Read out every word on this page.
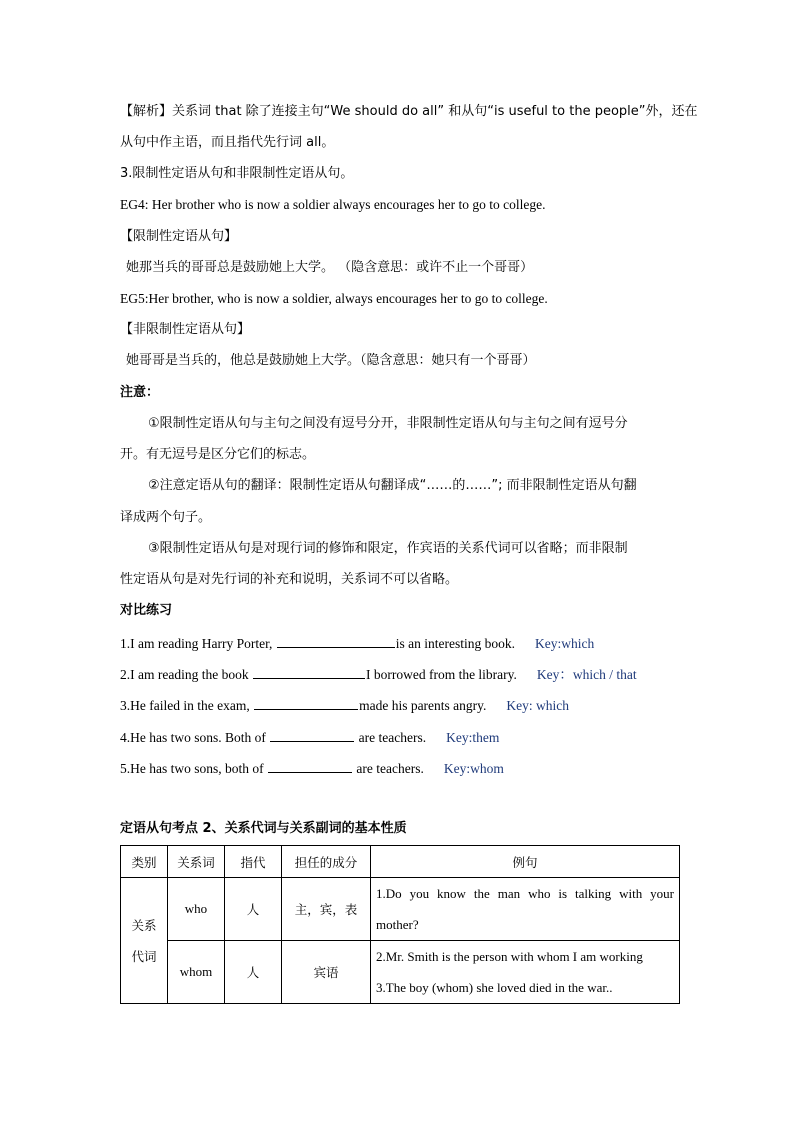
【解析】关系词 that 除了连接主句“We should do all” 和从句“is useful to the people”外，还在
从句中作主语，而且指代先行词 all。
3.限制性定语从句和非限制性定语从句。
EG4: Her brother who is now a soldier always encourages her to go to college.
【限制性定语从句】
她那当兵的哥哥总是鼓励她上大学。 （隐含意思：或许不止一个哥哥）
EG5:Her brother, who is now a soldier, always encourages her to go to college.
【非限制性定语从句】
她哥哥是当兵的，他总是鼓励她上大学。（隐含意思：她只有一个哥哥）
注意：
①限制性定语从句与主句之间没有逗号分开，非限制性定语从句与主句之间有逗号分
开。有无逗号是区分它们的标志。
②注意定语从句的翻译：限制性定语从句翻译成“……的……”; 而非限制性定语从句翻
译成两个句子。
③限制性定语从句是对现行词的修饰和限定，作宾语的关系代词可以省略；而非限制
性定语从句是对先行词的补充和说明，关系词不可以省略。
对比练习
1.I am reading Harry Porter,	is an interesting book. Key:which
2.I am reading the book	I borrowed from the library. Key：which / that
3.He failed in the exam,	made his parents angry. Key: which
4.He has two sons. Both of	are teachers. Key:them
5.He has two sons, both of	are teachers. Key:whom
定语从句考点 2、关系代词与关系副词的基本性质
类别	关系词	指代	担任的成分	例句
关系代词	who	人	主，宾，表	1.Do you know the man who is talking with your mother?
	whom	人	宾语	2.Mr. Smith is the person with whom I am working
3.The boy (whom) she loved died in the war..
